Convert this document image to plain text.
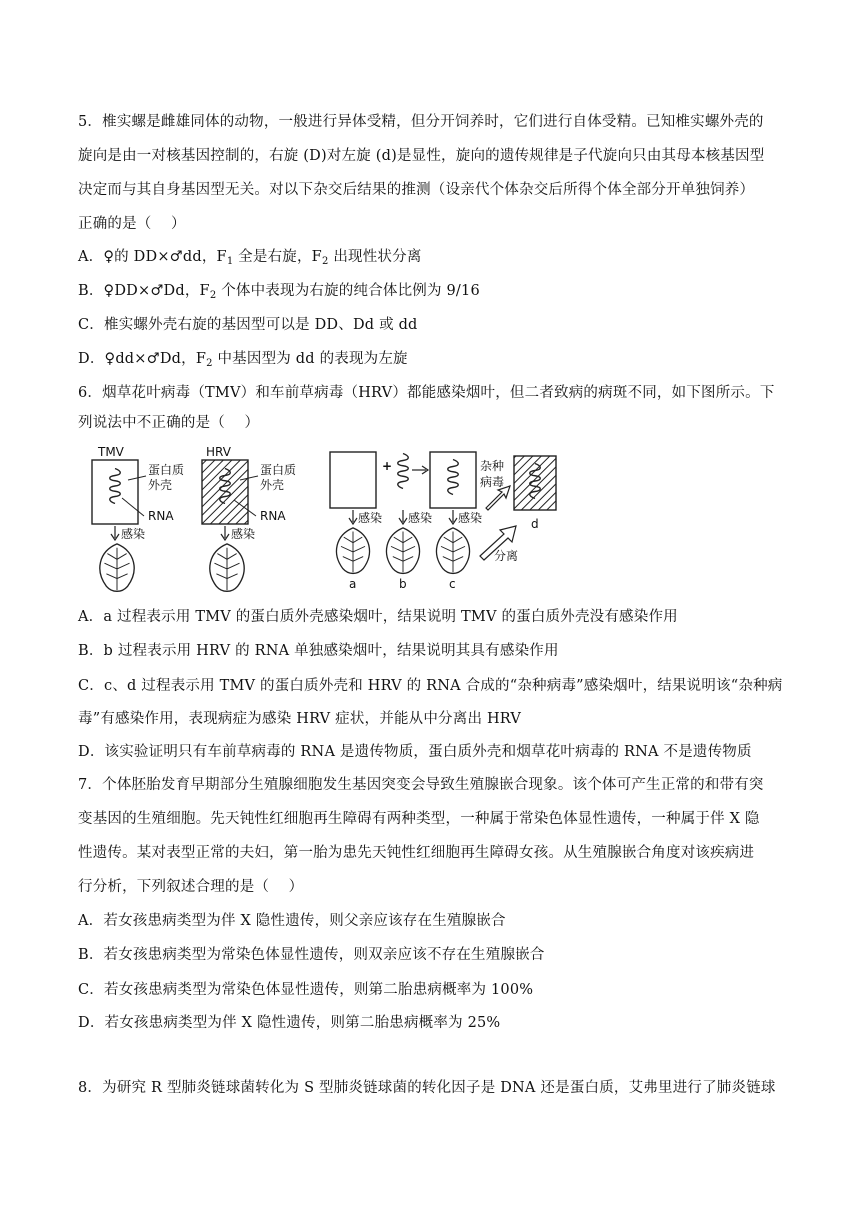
5．椎实螺是雌雄同体的动物，一般进行异体受精，但分开饲养时，它们进行自体受精。已知椎实螺外壳的
旋向是由一对核基因控制的，右旋 (D)对左旋 (d)是显性，旋向的遗传规律是子代旋向只由其母本核基因型
决定而与其自身基因型无关。对以下杂交后结果的推测（设亲代个体杂交后所得个体全部分开单独饲养）
正确的是（　 ）
A．♀的 DD×♂dd，$F_1$ 全是右旋，$F_2$ 出现性状分离
B．♀DD×♂Dd，$F_2$ 个体中表现为右旋的纯合体比例为 9/16
C．椎实螺外壳右旋的基因型可以是 DD、Dd 或 dd
D．♀dd×♂Dd，$F_2$ 中基因型为 dd 的表现为左旋
6．烟草花叶病毒（TMV）和车前草病毒（HRV）都能感染烟叶，但二者致病的病斑不同，如下图所示。下
列说法中不正确的是（　 ）
TMV
蛋白质
外壳
RNA
感染
HRV
蛋白质
外壳
RNA
感染
+	杂种
病毒
d
感染 感染 感染
分离
a	b	c
A．a 过程表示用 TMV 的蛋白质外壳感染烟叶，结果说明 TMV 的蛋白质外壳没有感染作用
B．b 过程表示用 HRV 的 RNA 单独感染烟叶，结果说明其具有感染作用
C．c、d 过程表示用 TMV 的蛋白质外壳和 HRV 的 RNA 合成的“杂种病毒”感染烟叶，结果说明该“杂种病
毒”有感染作用，表现病症为感染 HRV 症状，并能从中分离出 HRV
D．该实验证明只有车前草病毒的 RNA 是遗传物质，蛋白质外壳和烟草花叶病毒的 RNA 不是遗传物质
7．个体胚胎发育早期部分生殖腺细胞发生基因突变会导致生殖腺嵌合现象。该个体可产生正常的和带有突
变基因的生殖细胞。先天钝性红细胞再生障碍有两种类型，一种属于常染色体显性遗传，一种属于伴 X 隐
性遗传。某对表型正常的夫妇，第一胎为患先天钝性红细胞再生障碍女孩。从生殖腺嵌合角度对该疾病进
行分析，下列叙述合理的是（　 ）
A．若女孩患病类型为伴 X 隐性遗传，则父亲应该存在生殖腺嵌合
B．若女孩患病类型为常染色体显性遗传，则双亲应该不存在生殖腺嵌合
C．若女孩患病类型为常染色体显性遗传，则第二胎患病概率为 100%
D．若女孩患病类型为伴 X 隐性遗传，则第二胎患病概率为 25%
8．为研究 R 型肺炎链球菌转化为 S 型肺炎链球菌的转化因子是 DNA 还是蛋白质，艾弗里进行了肺炎链球
